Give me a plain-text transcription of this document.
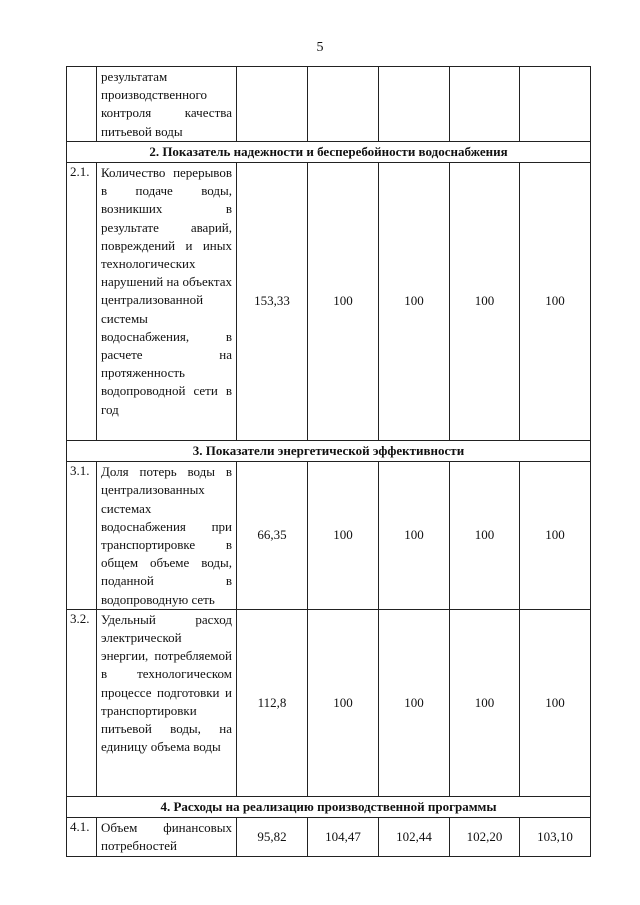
5
	результатам производственного контроля качества питьевой воды					
2. Показатель надежности и бесперебойности водоснабжения						
2.1.	Количество перерывов в подаче воды, возникших в результате аварий, повреждений и иных технологических нарушений на объектах централизованной системы водоснабжения, в расчете на протяженность водопроводной сети в год	153,33	100	100	100	100
3. Показатели энергетической эффективности						
3.1.	Доля потерь воды в централизованных системах водоснабжения при транспортировке в общем объеме воды, поданной в водопроводную сеть	66,35	100	100	100	100
3.2.	Удельный расход электрической энергии, потребляемой в технологическом процессе подготовки и транспортировки питьевой воды, на единицу объема воды	112,8	100	100	100	100
4. Расходы на реализацию производственной программы						
4.1.	Объем финансовых потребностей	95,82	104,47	102,44	102,20	103,10
